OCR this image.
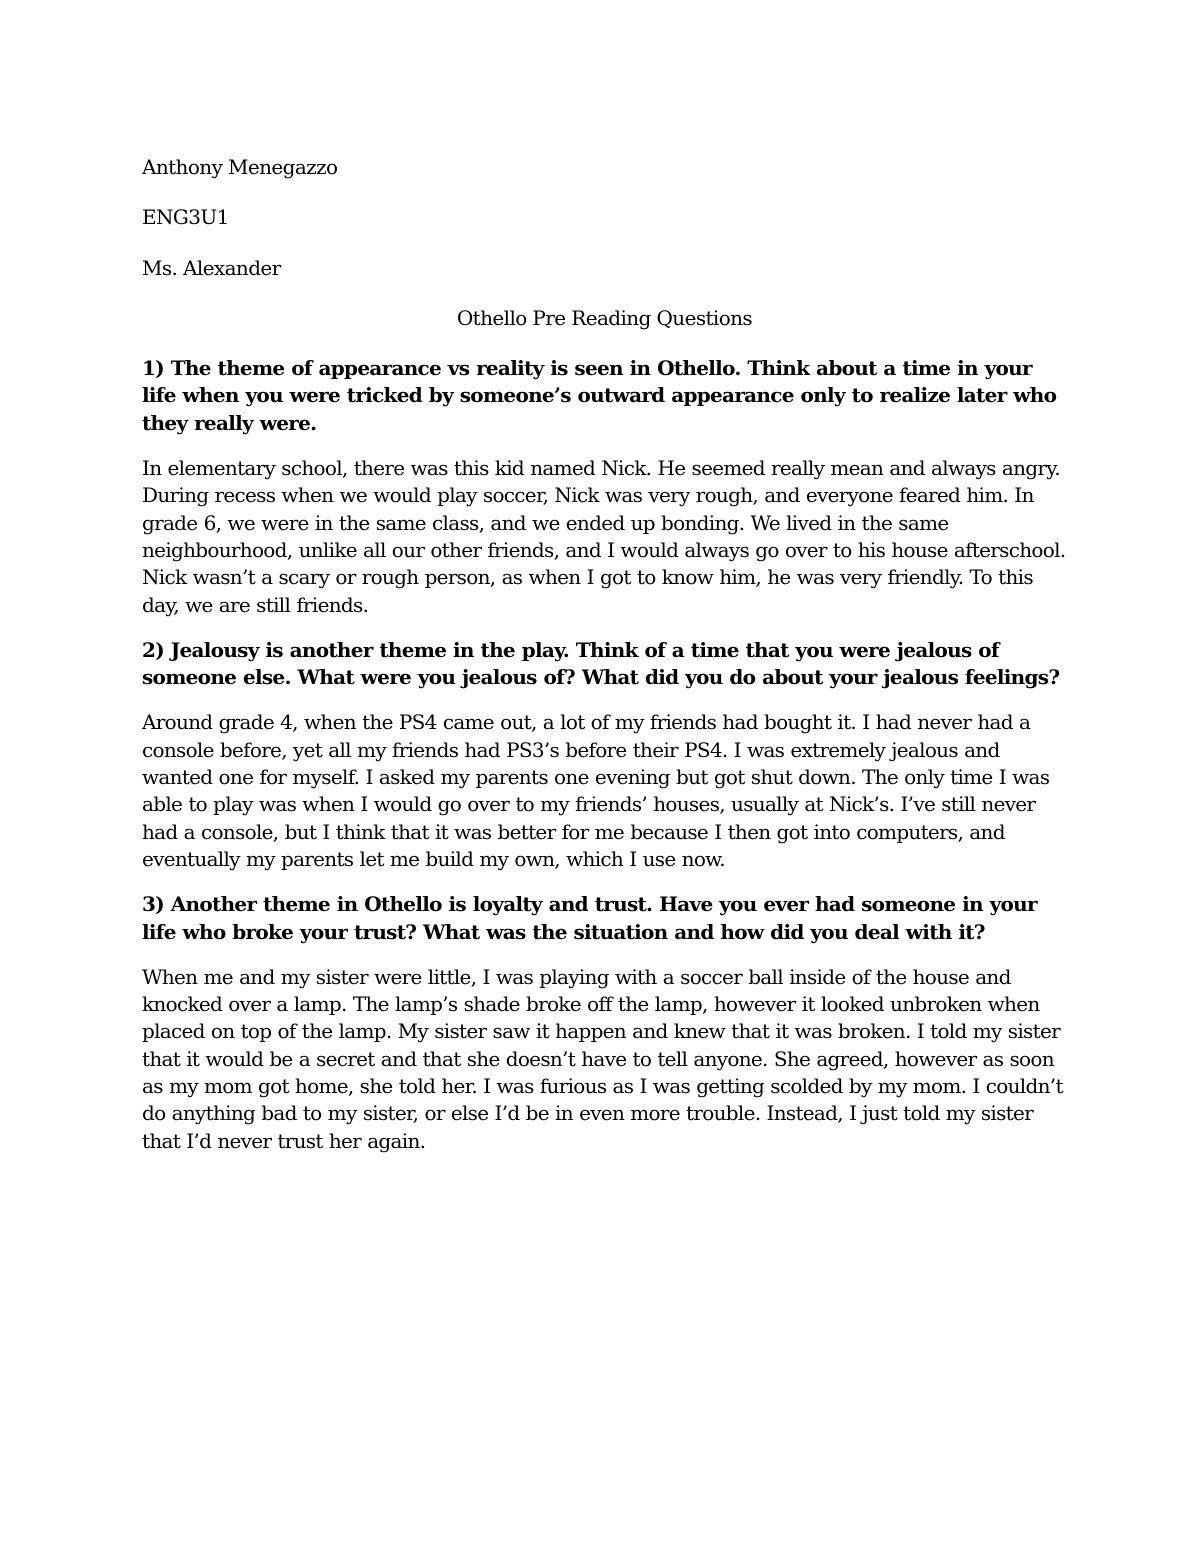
Anthony Menegazzo

ENG3U1

Ms. Alexander

Othello Pre Reading Questions

1) The theme of appearance vs reality is seen in Othello. Think about a time in your life when you were tricked by someone’s outward appearance only to realize later who they really were.

In elementary school, there was this kid named Nick. He seemed really mean and always angry. During recess when we would play soccer, Nick was very rough, and everyone feared him. In grade 6, we were in the same class, and we ended up bonding. We lived in the same neighbourhood, unlike all our other friends, and I would always go over to his house afterschool. Nick wasn’t a scary or rough person, as when I got to know him, he was very friendly. To this day, we are still friends.

2) Jealousy is another theme in the play. Think of a time that you were jealous of someone else. What were you jealous of? What did you do about your jealous feelings?

Around grade 4, when the PS4 came out, a lot of my friends had bought it. I had never had a console before, yet all my friends had PS3’s before their PS4. I was extremely jealous and wanted one for myself. I asked my parents one evening but got shut down. The only time I was able to play was when I would go over to my friends’ houses, usually at Nick’s. I’ve still never had a console, but I think that it was better for me because I then got into computers, and eventually my parents let me build my own, which I use now.

3) Another theme in Othello is loyalty and trust. Have you ever had someone in your life who broke your trust? What was the situation and how did you deal with it?

When me and my sister were little, I was playing with a soccer ball inside of the house and knocked over a lamp. The lamp’s shade broke off the lamp, however it looked unbroken when placed on top of the lamp. My sister saw it happen and knew that it was broken. I told my sister that it would be a secret and that she doesn’t have to tell anyone. She agreed, however as soon as my mom got home, she told her. I was furious as I was getting scolded by my mom. I couldn’t do anything bad to my sister, or else I’d be in even more trouble. Instead, I just told my sister that I’d never trust her again.
